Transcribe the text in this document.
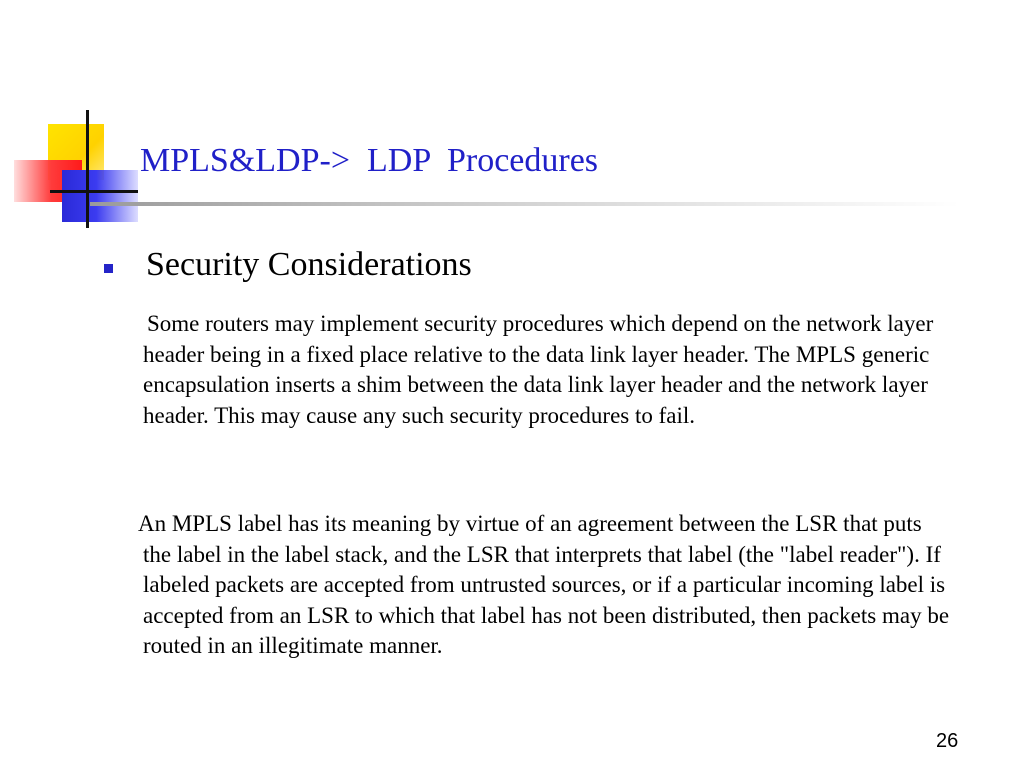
MPLS&LDP->  LDP  Procedures
Security Considerations

Some routers may implement security procedures which depend on the network layer header being in a fixed place relative to the data link layer header. The MPLS generic encapsulation inserts a shim between the data link layer header and the network layer header. This may cause any such security procedures to fail.

An MPLS label has its meaning by virtue of an agreement between the LSR that puts the label in the label stack, and the LSR that interprets that label (the "label reader"). If labeled packets are accepted from untrusted sources, or if a particular incoming label is accepted from an LSR to which that label has not been distributed, then packets may be routed in an illegitimate manner.

26
